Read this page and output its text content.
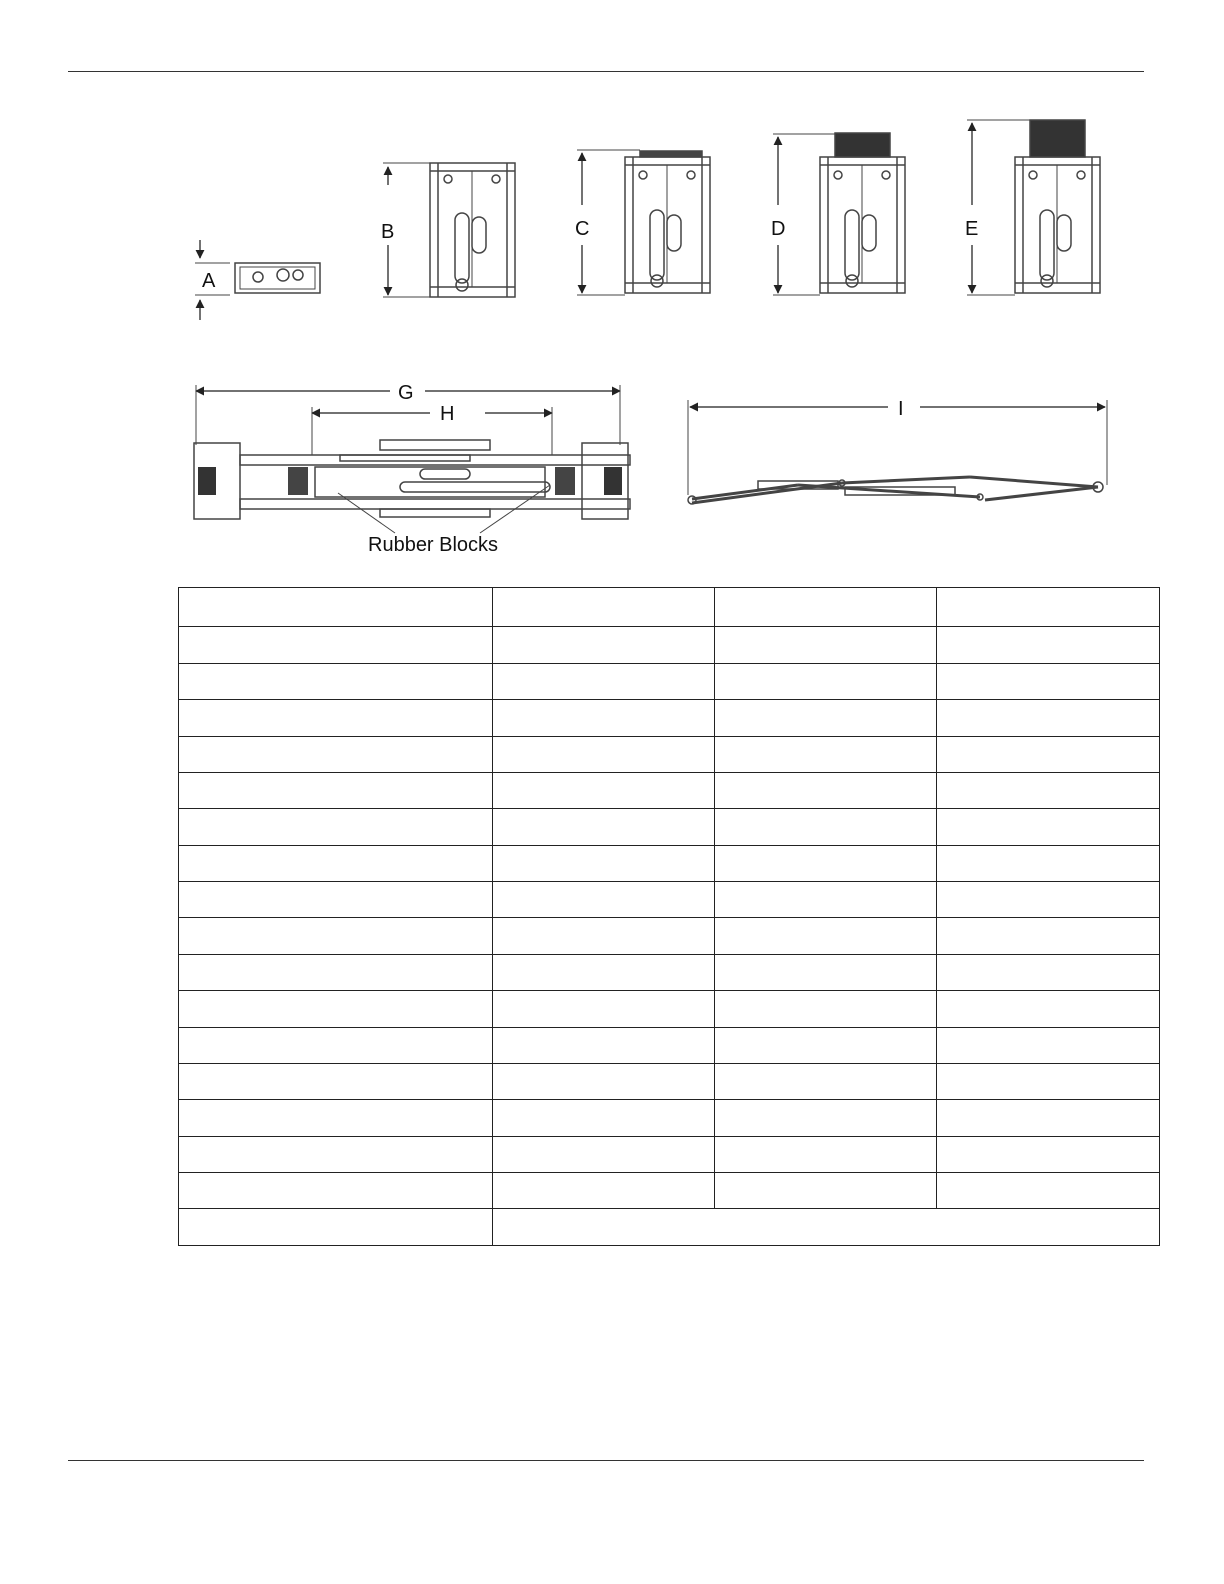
A
B	C	D	E
G
H
Rubber Blocks
I
